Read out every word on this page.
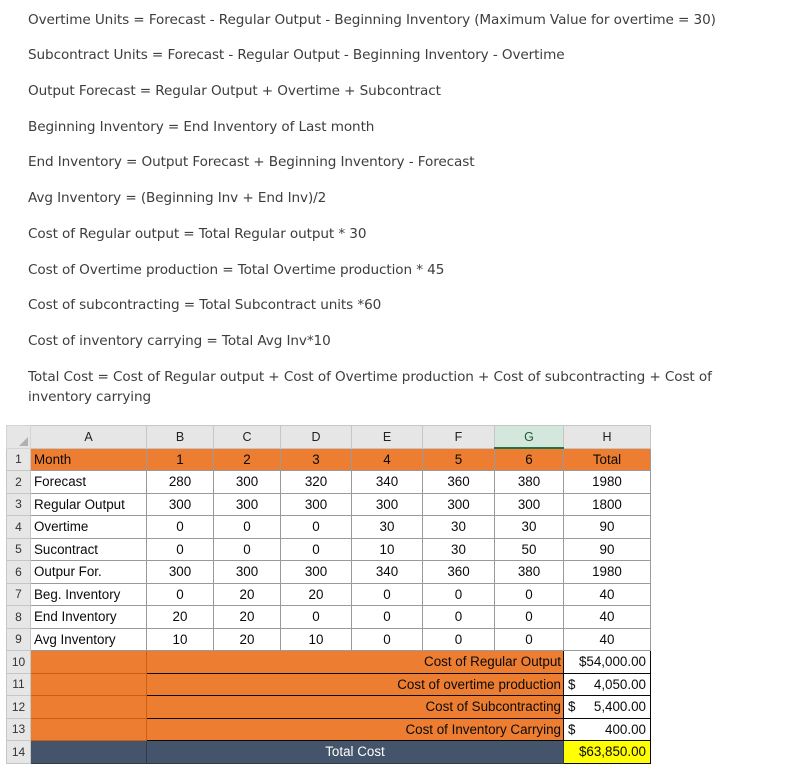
Overtime Units = Forecast - Regular Output - Beginning Inventory (Maximum Value for overtime = 30)

Subcontract Units = Forecast - Regular Output - Beginning Inventory - Overtime

Output Forecast = Regular Output + Overtime + Subcontract

Beginning Inventory = End Inventory of Last month

End Inventory = Output Forecast + Beginning Inventory - Forecast

Avg Inventory = (Beginning Inv + End Inv)/2

Cost of Regular output = Total Regular output * 30

Cost of Overtime production = Total Overtime production * 45

Cost of subcontracting = Total Subcontract units *60

Cost of inventory carrying = Total Avg Inv*10

Total Cost = Cost of Regular output + Cost of Overtime production + Cost of subcontracting + Cost of inventory carrying

	A	B	C	D	E	F	G	H
1	Month	1	2	3	4	5	6	Total
2	Forecast	280	300	320	340	360	380	1980
3	Regular Output	300	300	300	300	300	300	1800
4	Overtime	0	0	0	30	30	30	90
5	Sucontract	0	0	0	10	30	50	90
6	Outpur For.	300	300	300	340	360	380	1980
7	Beg. Inventory	0	20	20	0	0	0	40
8	End Inventory	20	20	0	0	0	0	40
9	Avg Inventory	10	20	10	0	0	0	40
10		Cost of Regular Output						$54,000.00

11		Cost of overtime production						$ 4,050.00

12		Cost of Subcontracting						$ 5,400.00

13		Cost of Inventory Carrying						$ 400.00

14		Total Cost						$63,850.00
